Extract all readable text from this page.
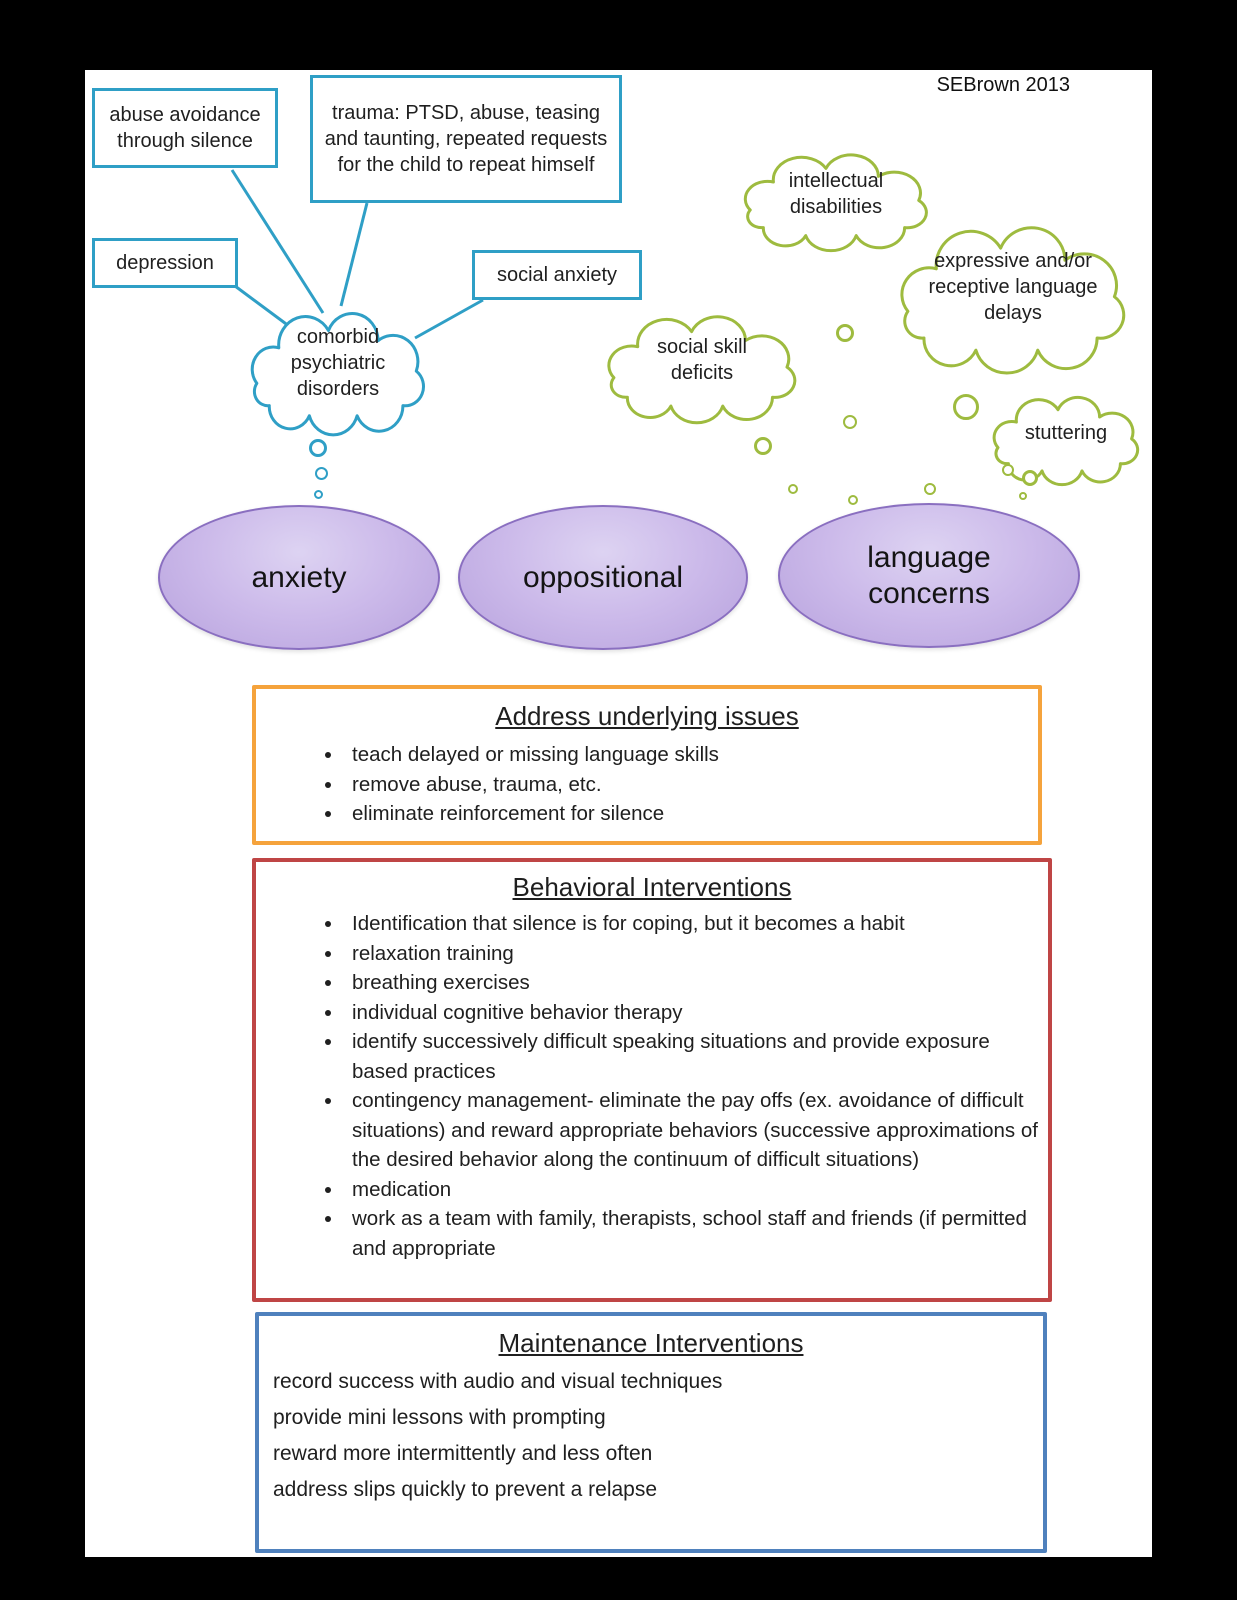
SEBrown 2013
abuse avoidance through silence
trauma: PTSD, abuse, teasing and taunting, repeated requests for the child to repeat himself
depression
social anxiety
comorbid psychiatric disorders
intellectual disabilities
expressive and/or receptive language delays
social skill deficits
stuttering
anxiety	oppositional
language concerns
Address underlying issues
• teach delayed or missing language skills
• remove abuse, trauma, etc.
• eliminate reinforcement for silence
Behavioral Interventions
• Identification that silence is for coping, but it becomes a habit
• relaxation training
• breathing exercises
• individual cognitive behavior therapy
• identify successively difficult speaking situations and provide exposure based practices
• contingency management- eliminate the pay offs (ex. avoidance of difficult situations) and reward appropriate behaviors (successive approximations of the desired behavior along the continuum of difficult situations)
• medication
• work as a team with family, therapists, school staff and friends (if permitted and appropriate
Maintenance Interventions

record success with audio and visual techniques

provide mini lessons with prompting

reward more intermittently and less often

address slips quickly to prevent a relapse
